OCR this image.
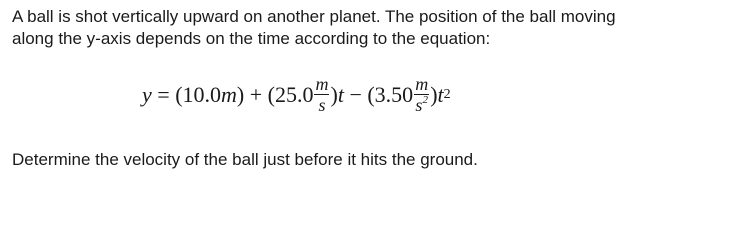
A ball is shot vertically upward on another planet. The position of the ball moving
along the y-axis depends on the time according to the equation:
y = (10.0 m ) + ($25.0 \frac{m}{s}$ ) $t - (3.50 \frac{m}{s^2}$ ) t 2
Determine the velocity of the ball just before it hits the ground.
